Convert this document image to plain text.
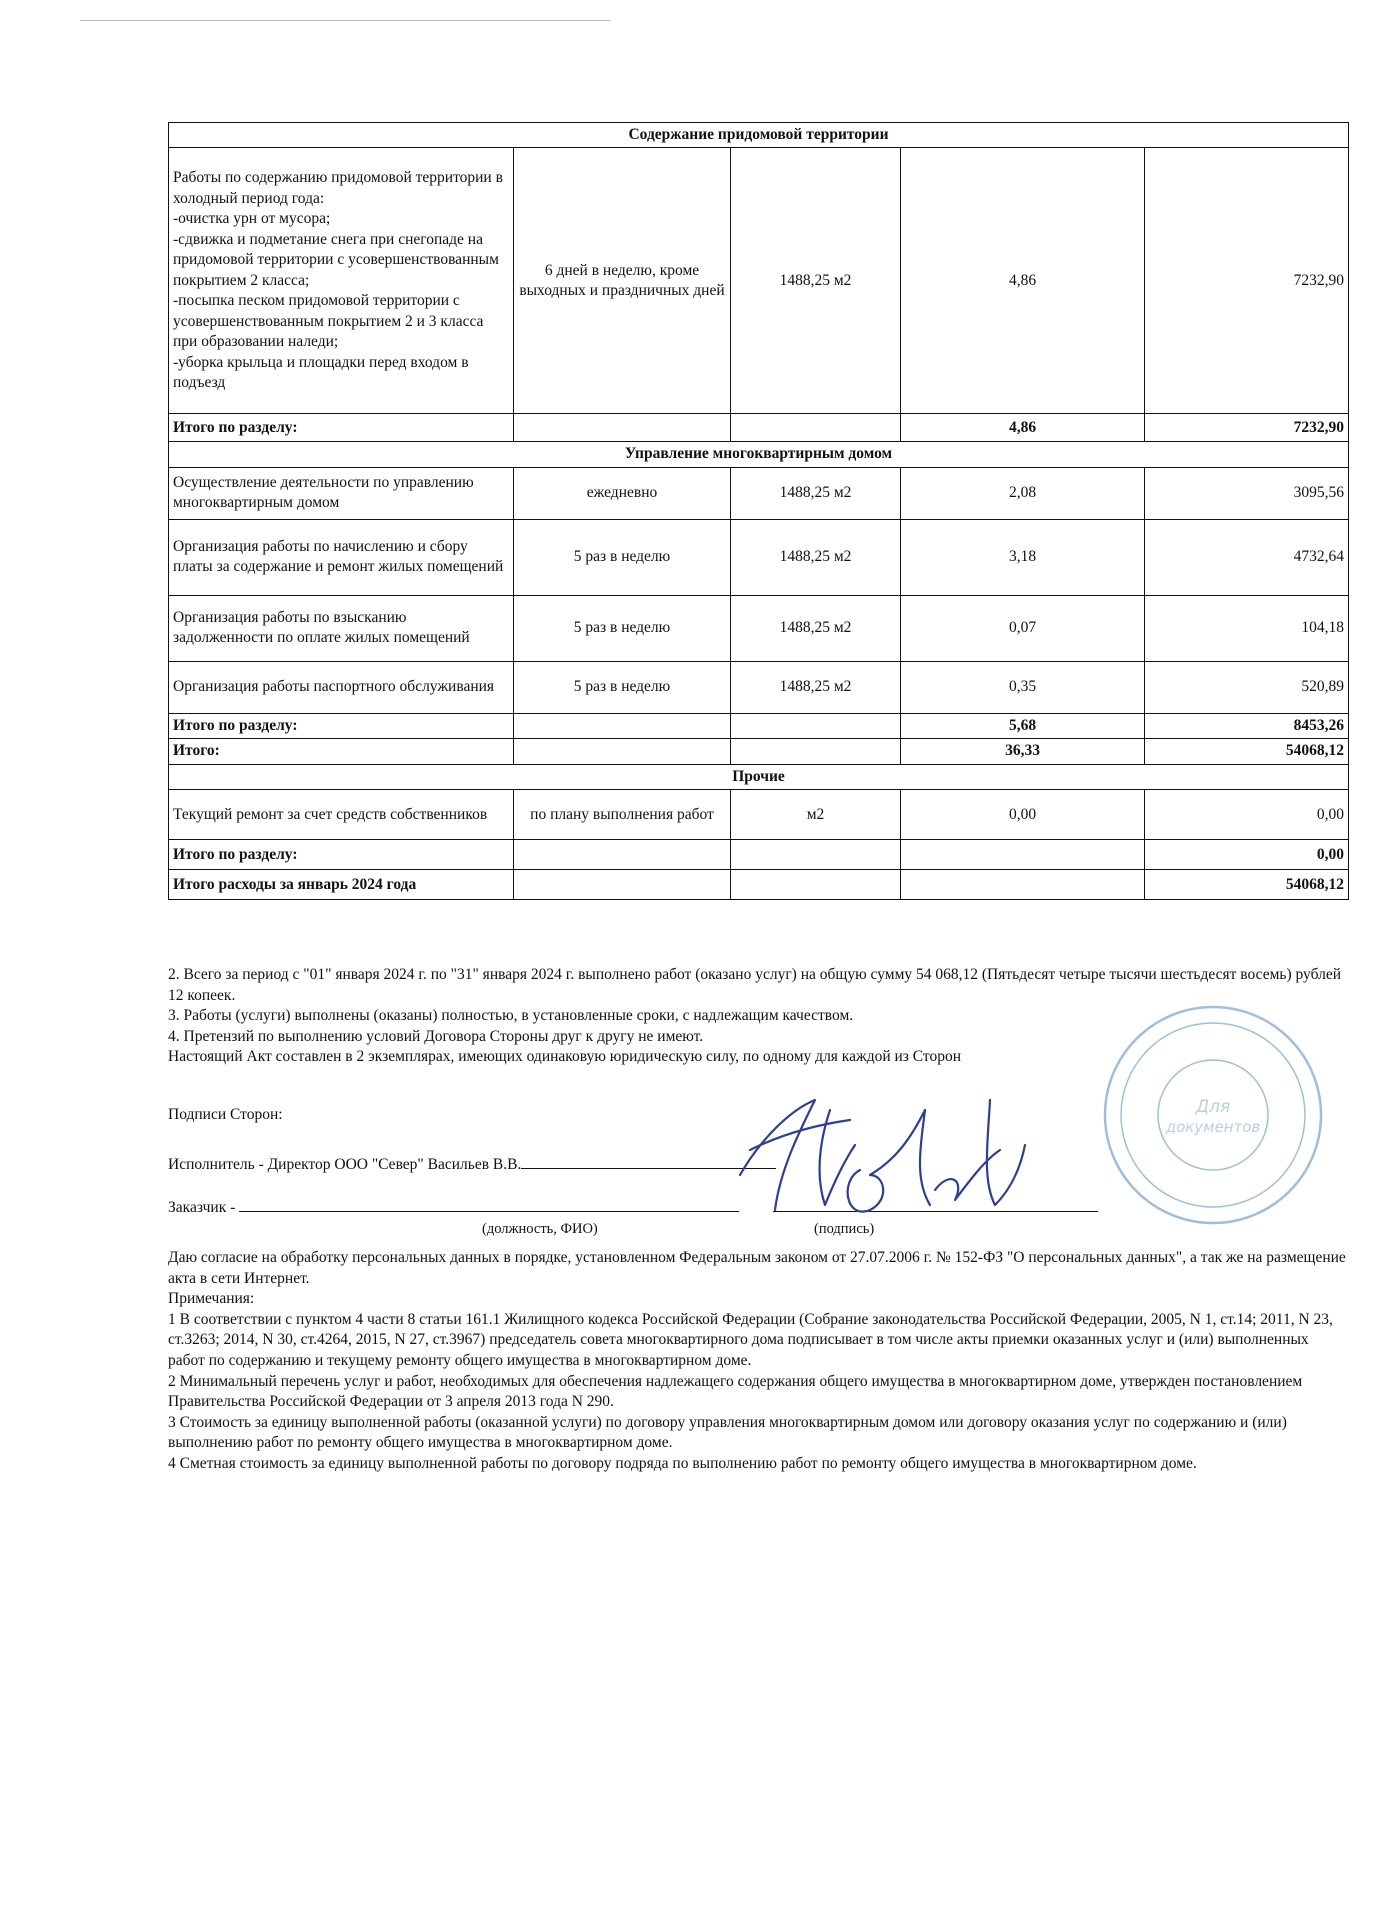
Содержание придомовой территории				
Работы по содержанию придомовой территории в холодный период года:
-очистка урн от мусора;
-сдвижка и подметание снега при снегопаде на придомовой территории с усовершенствованным покрытием 2 класса;
-посыпка песком придомовой территории с усовершенствованным покрытием 2 и 3 класса при образовании наледи;
-уборка крыльца и площадки перед входом в подъезд	6 дней в неделю, кроме выходных и праздничных дней	1488,25 м2	4,86	7232,90
Итого по разделу:			4,86	7232,90
Управление многоквартирным домом				
Осуществление деятельности по управлению многоквартирным домом	ежедневно	1488,25 м2	2,08	3095,56
Организация работы по начислению и сбору платы за содержание и ремонт жилых помещений	5 раз в неделю	1488,25 м2	3,18	4732,64
Организация работы по взысканию задолженности по оплате жилых помещений	5 раз в неделю	1488,25 м2	0,07	104,18
Организация работы паспортного обслуживания	5 раз в неделю	1488,25 м2	0,35	520,89
Итого по разделу:			5,68	8453,26
Итого:			36,33	54068,12
Прочие				
Текущий ремонт за счет средств собственников	по плану выполнения работ	м2	0,00	0,00
Итого по разделу:				0,00
Итого расходы за январь 2024 года				54068,12

2. Всего за период с "01" января 2024 г. по "31" января 2024 г. выполнено работ (оказано услуг) на общую сумму 54 068,12 (Пятьдесят четыре тысячи шестьдесят восемь) рублей 12 копеек.

3. Работы (услуги) выполнены (оказаны) полностью, в установленные сроки, с надлежащим качеством.

4. Претензий по выполнению условий Договора Стороны друг к другу не имеют.

Настоящий Акт составлен в 2 экземплярах, имеющих одинаковую юридическую силу, по одному для каждой из Сторон

Подписи Сторон:
Исполнитель - Директор ООО "Север" Васильев В.В.
Заказчик -
(должность, ФИО)	(подпись)

Даю согласие на обработку персональных данных в порядке, установленном Федеральным законом от 27.07.2006 г. № 152-ФЗ "О персональных данных", а так же на размещение акта в сети Интернет.

Примечания:

1 В соответствии с пунктом 4 части 8 статьи 161.1 Жилищного кодекса Российской Федерации (Собрание законодательства Российской Федерации, 2005, N 1, ст.14; 2011, N 23, ст.3263; 2014, N 30, ст.4264, 2015, N 27, ст.3967) председатель совета многоквартирного дома подписывает в том числе акты приемки оказанных услуг и (или) выполненных работ по содержанию и текущему ремонту общего имущества в многоквартирном доме.

2 Минимальный перечень услуг и работ, необходимых для обеспечения надлежащего содержания общего имущества в многоквартирном доме, утвержден постановлением Правительства Российской Федерации от 3 апреля 2013 года N 290.

3 Стоимость за единицу выполненной работы (оказанной услуги) по договору управления многоквартирным домом или договору оказания услуг по содержанию и (или) выполнению работ по ремонту общего имущества в многоквартирном доме.

4 Сметная стоимость за единицу выполненной работы по договору подряда по выполнению работ по ремонту общего имущества в многоквартирном доме.

Для
документов
